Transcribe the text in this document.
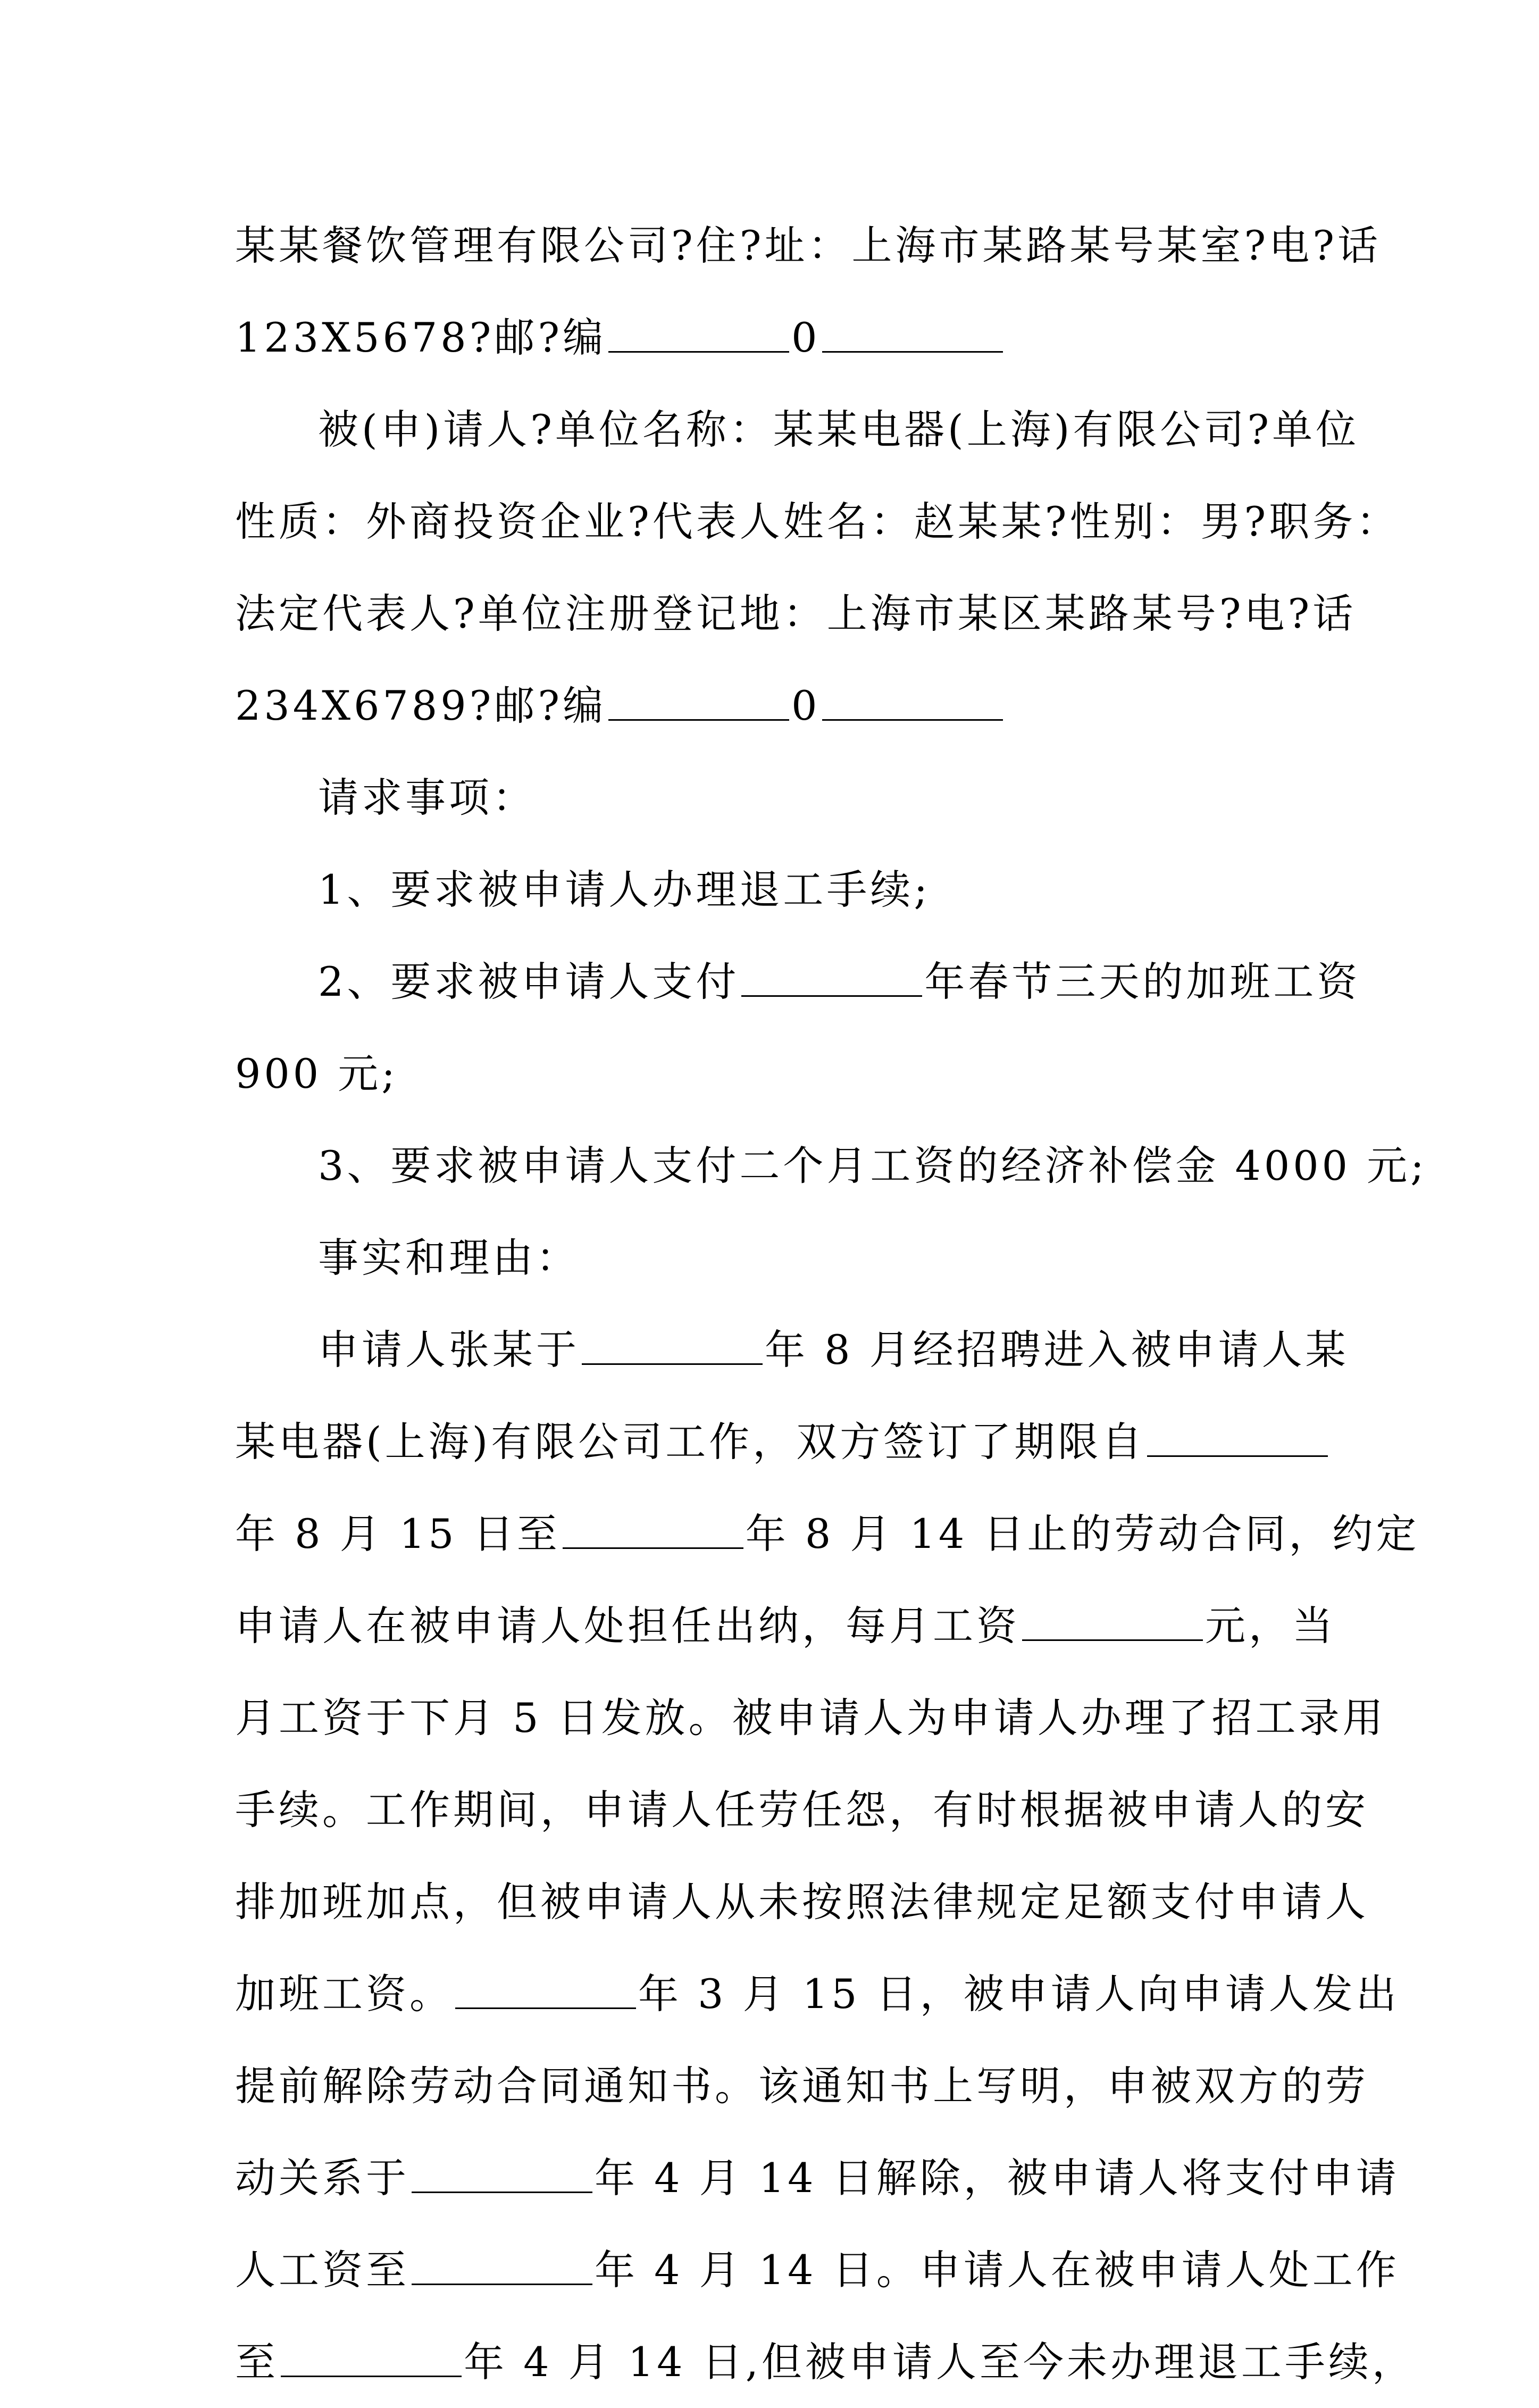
某某餐饮管理有限公司?住?址：上海市某路某号某室?电?话
123X5678?邮?编	0
被(申)请人?单位名称：某某电器(上海)有限公司?单位
性质：外商投资企业?代表人姓名：赵某某?性别：男?职务：
法定代表人?单位注册登记地：上海市某区某路某号?电?话
234X6789?邮?编	0
请求事项：
1、要求被申请人办理退工手续;
2、要求被申请人支付	年春节三天的加班工资
900 元;
3、要求被申请人支付二个月工资的经济补偿金 4000 元;
事实和理由：
申请人张某于	年 8 月经招聘进入被申请人某
某电器(上海)有限公司工作，双方签订了期限自
年 8 月 15 日至	年 8 月 14 日止的劳动合同，约定
申请人在被申请人处担任出纳，每月工资	元，当
月工资于下月 5 日发放。被申请人为申请人办理了招工录用
手续。工作期间，申请人任劳任怨，有时根据被申请人的安
排加班加点，但被申请人从未按照法律规定足额支付申请人
加班工资。	年 3 月 15 日，被申请人向申请人发出
提前解除劳动合同通知书。该通知书上写明，申被双方的劳
动关系于	年 4 月 14 日解除，被申请人将支付申请
人工资至	年 4 月 14 日。申请人在被申请人处工作
至	年 4 月 14 日,但被申请人至今未办理退工手续，
